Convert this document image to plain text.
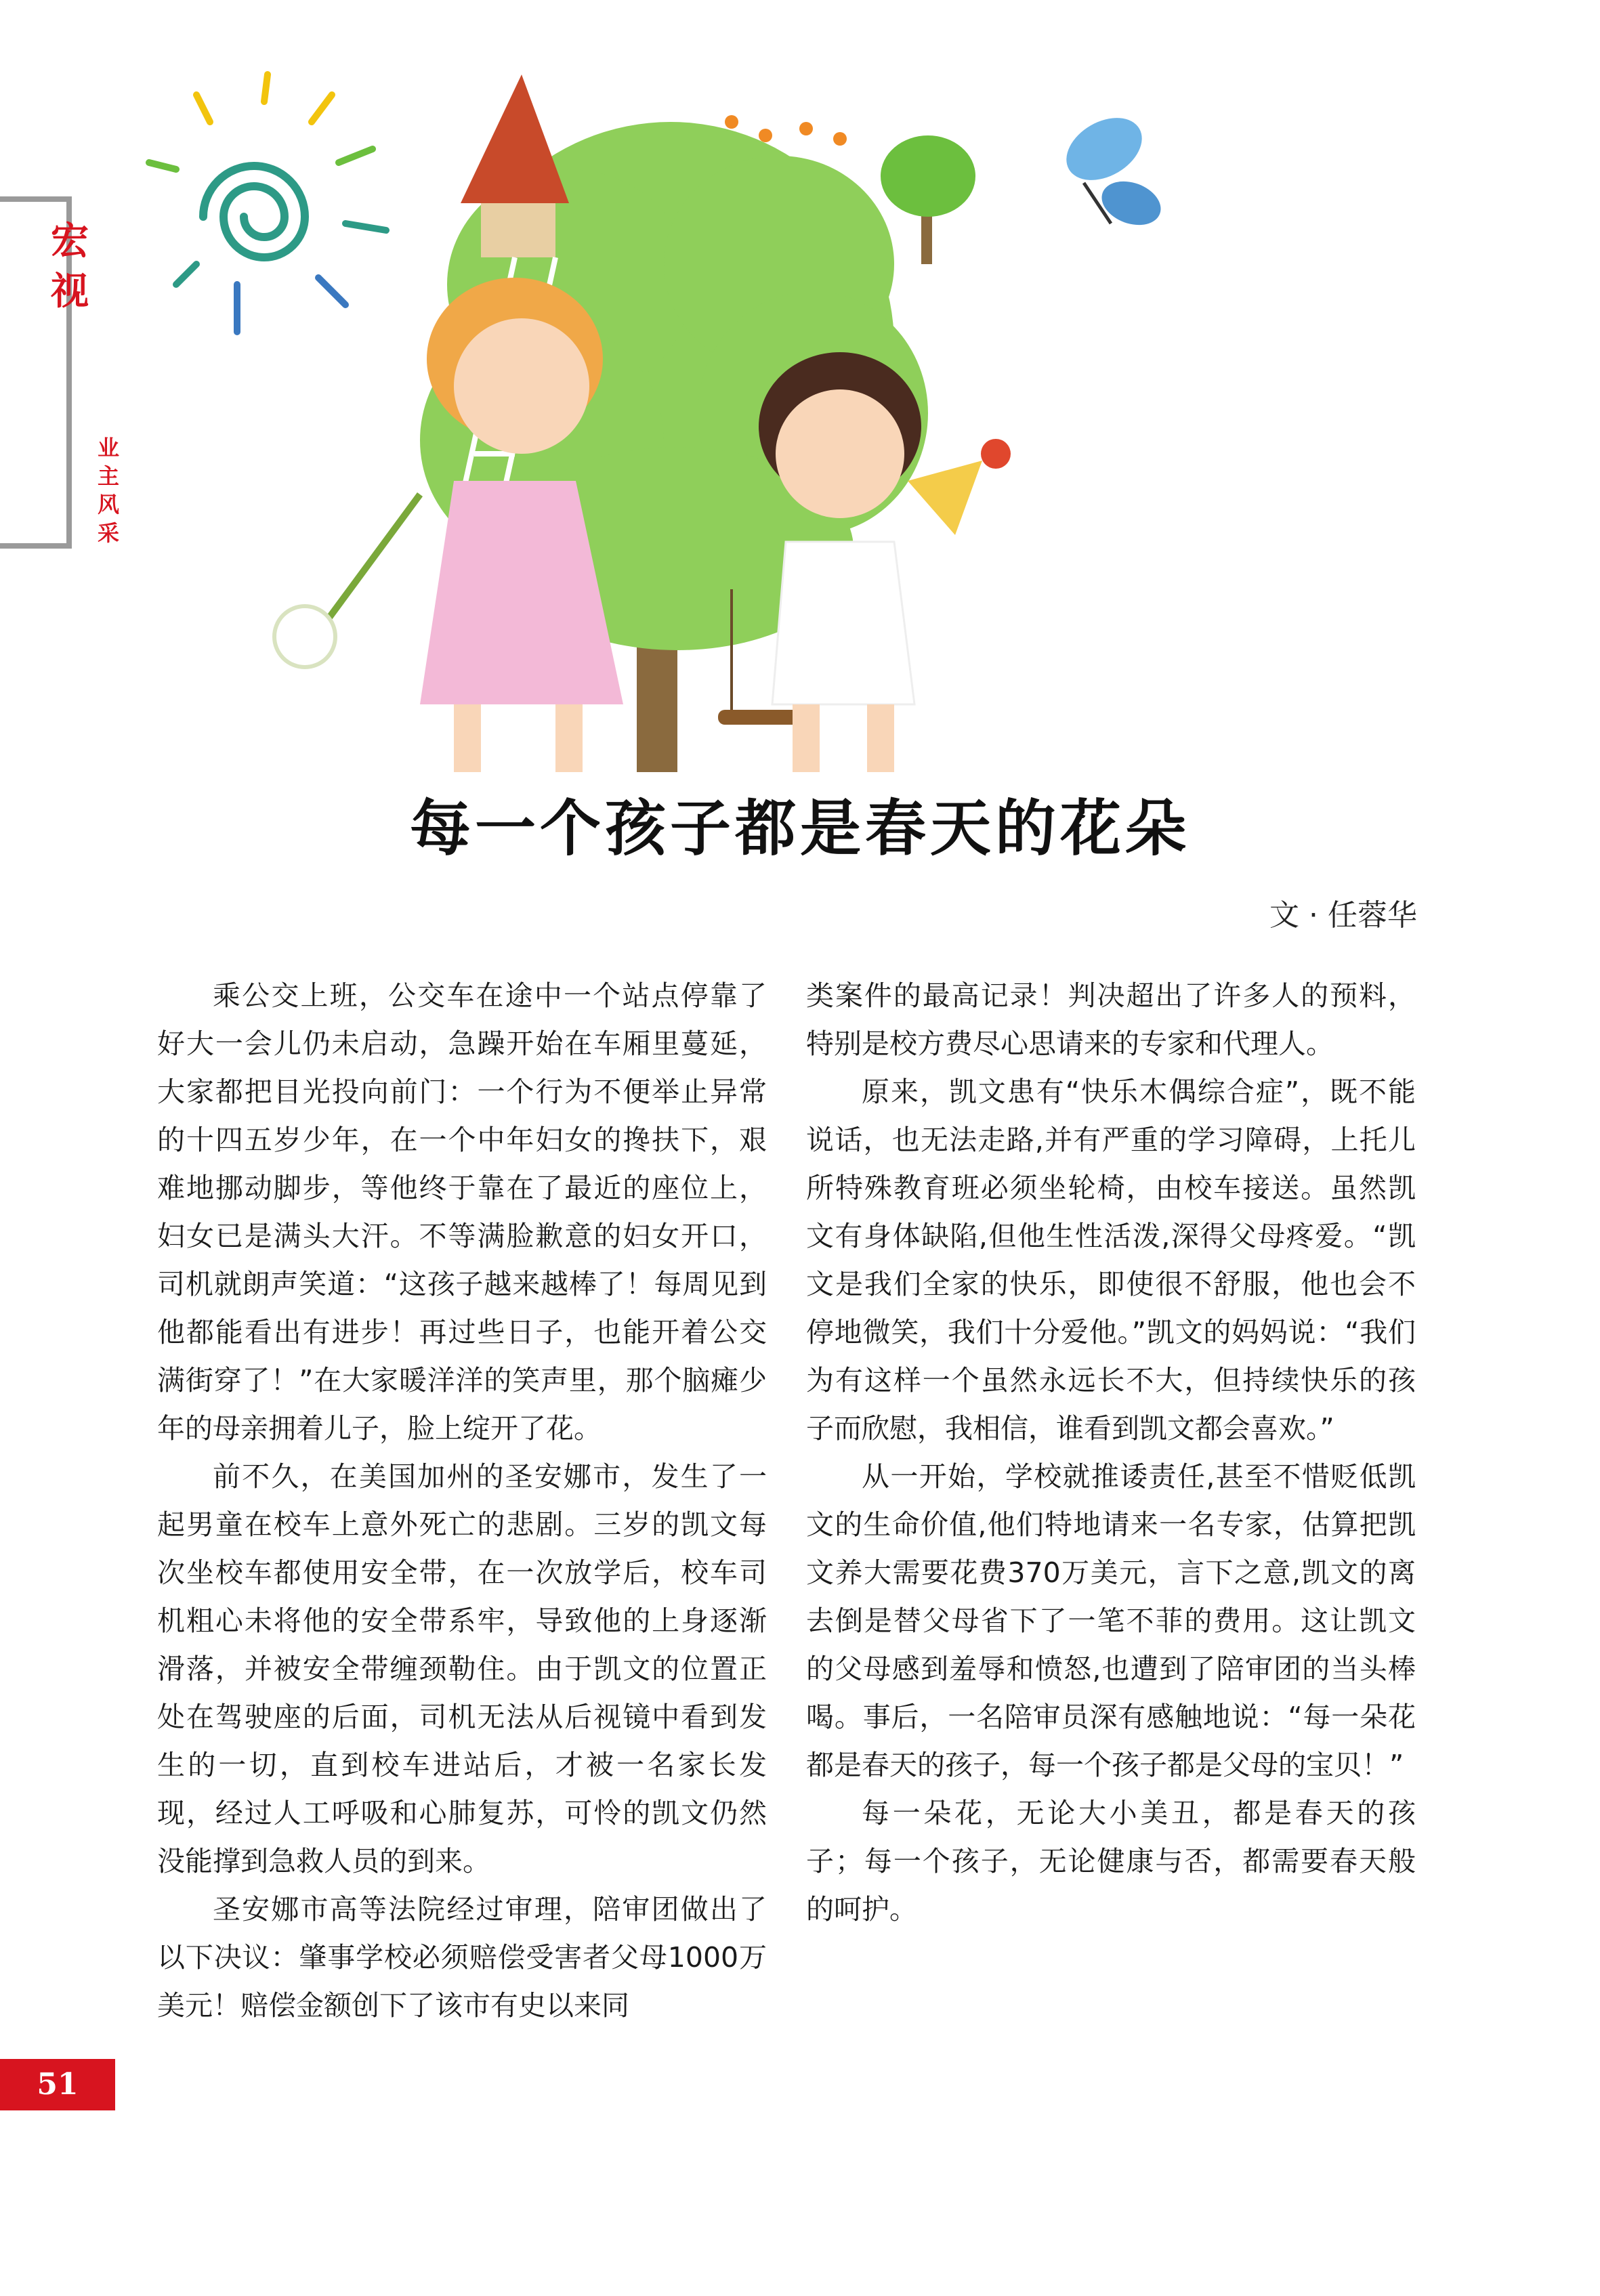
宏视
业主风采
每一个孩子都是春天的花朵
文 · 任蓉华

乘公交上班，公交车在途中一个站点停靠了好大一会儿仍未启动，急躁开始在车厢里蔓延，大家都把目光投向前门：一个行为不便举止异常的十四五岁少年，在一个中年妇女的搀扶下，艰难地挪动脚步，等他终于靠在了最近的座位上，妇女已是满头大汗。不等满脸歉意的妇女开口，司机就朗声笑道：“这孩子越来越棒了！每周见到他都能看出有进步！再过些日子，也能开着公交满街穿了！”在大家暖洋洋的笑声里，那个脑瘫少年的母亲拥着儿子，脸上绽开了花。

前不久，在美国加州的圣安娜市，发生了一起男童在校车上意外死亡的悲剧。三岁的凯文每次坐校车都使用安全带，在一次放学后，校车司机粗心未将他的安全带系牢，导致他的上身逐渐滑落，并被安全带缠颈勒住。由于凯文的位置正处在驾驶座的后面，司机无法从后视镜中看到发生的一切，直到校车进站后，才被一名家长发现，经过人工呼吸和心肺复苏，可怜的凯文仍然没能撑到急救人员的到来。

圣安娜市高等法院经过审理，陪审团做出了以下决议：肇事学校必须赔偿受害者父母1000万美元！赔偿金额创下了该市有史以来同

类案件的最高记录！判决超出了许多人的预料，特别是校方费尽心思请来的专家和代理人。

原来，凯文患有“快乐木偶综合症”，既不能说话，也无法走路,并有严重的学习障碍，上托儿所特殊教育班必须坐轮椅，由校车接送。虽然凯文有身体缺陷,但他生性活泼,深得父母疼爱。“凯文是我们全家的快乐，即使很不舒服，他也会不停地微笑，我们十分爱他。”凯文的妈妈说：“我们为有这样一个虽然永远长不大，但持续快乐的孩子而欣慰，我相信，谁看到凯文都会喜欢。”

从一开始，学校就推诿责任,甚至不惜贬低凯文的生命价值,他们特地请来一名专家，估算把凯文养大需要花费370万美元，言下之意,凯文的离去倒是替父母省下了一笔不菲的费用。这让凯文的父母感到羞辱和愤怒,也遭到了陪审团的当头棒喝。事后，一名陪审员深有感触地说：“每一朵花都是春天的孩子，每一个孩子都是父母的宝贝！”

每一朵花，无论大小美丑，都是春天的孩子；每一个孩子，无论健康与否，都需要春天般的呵护。

51
